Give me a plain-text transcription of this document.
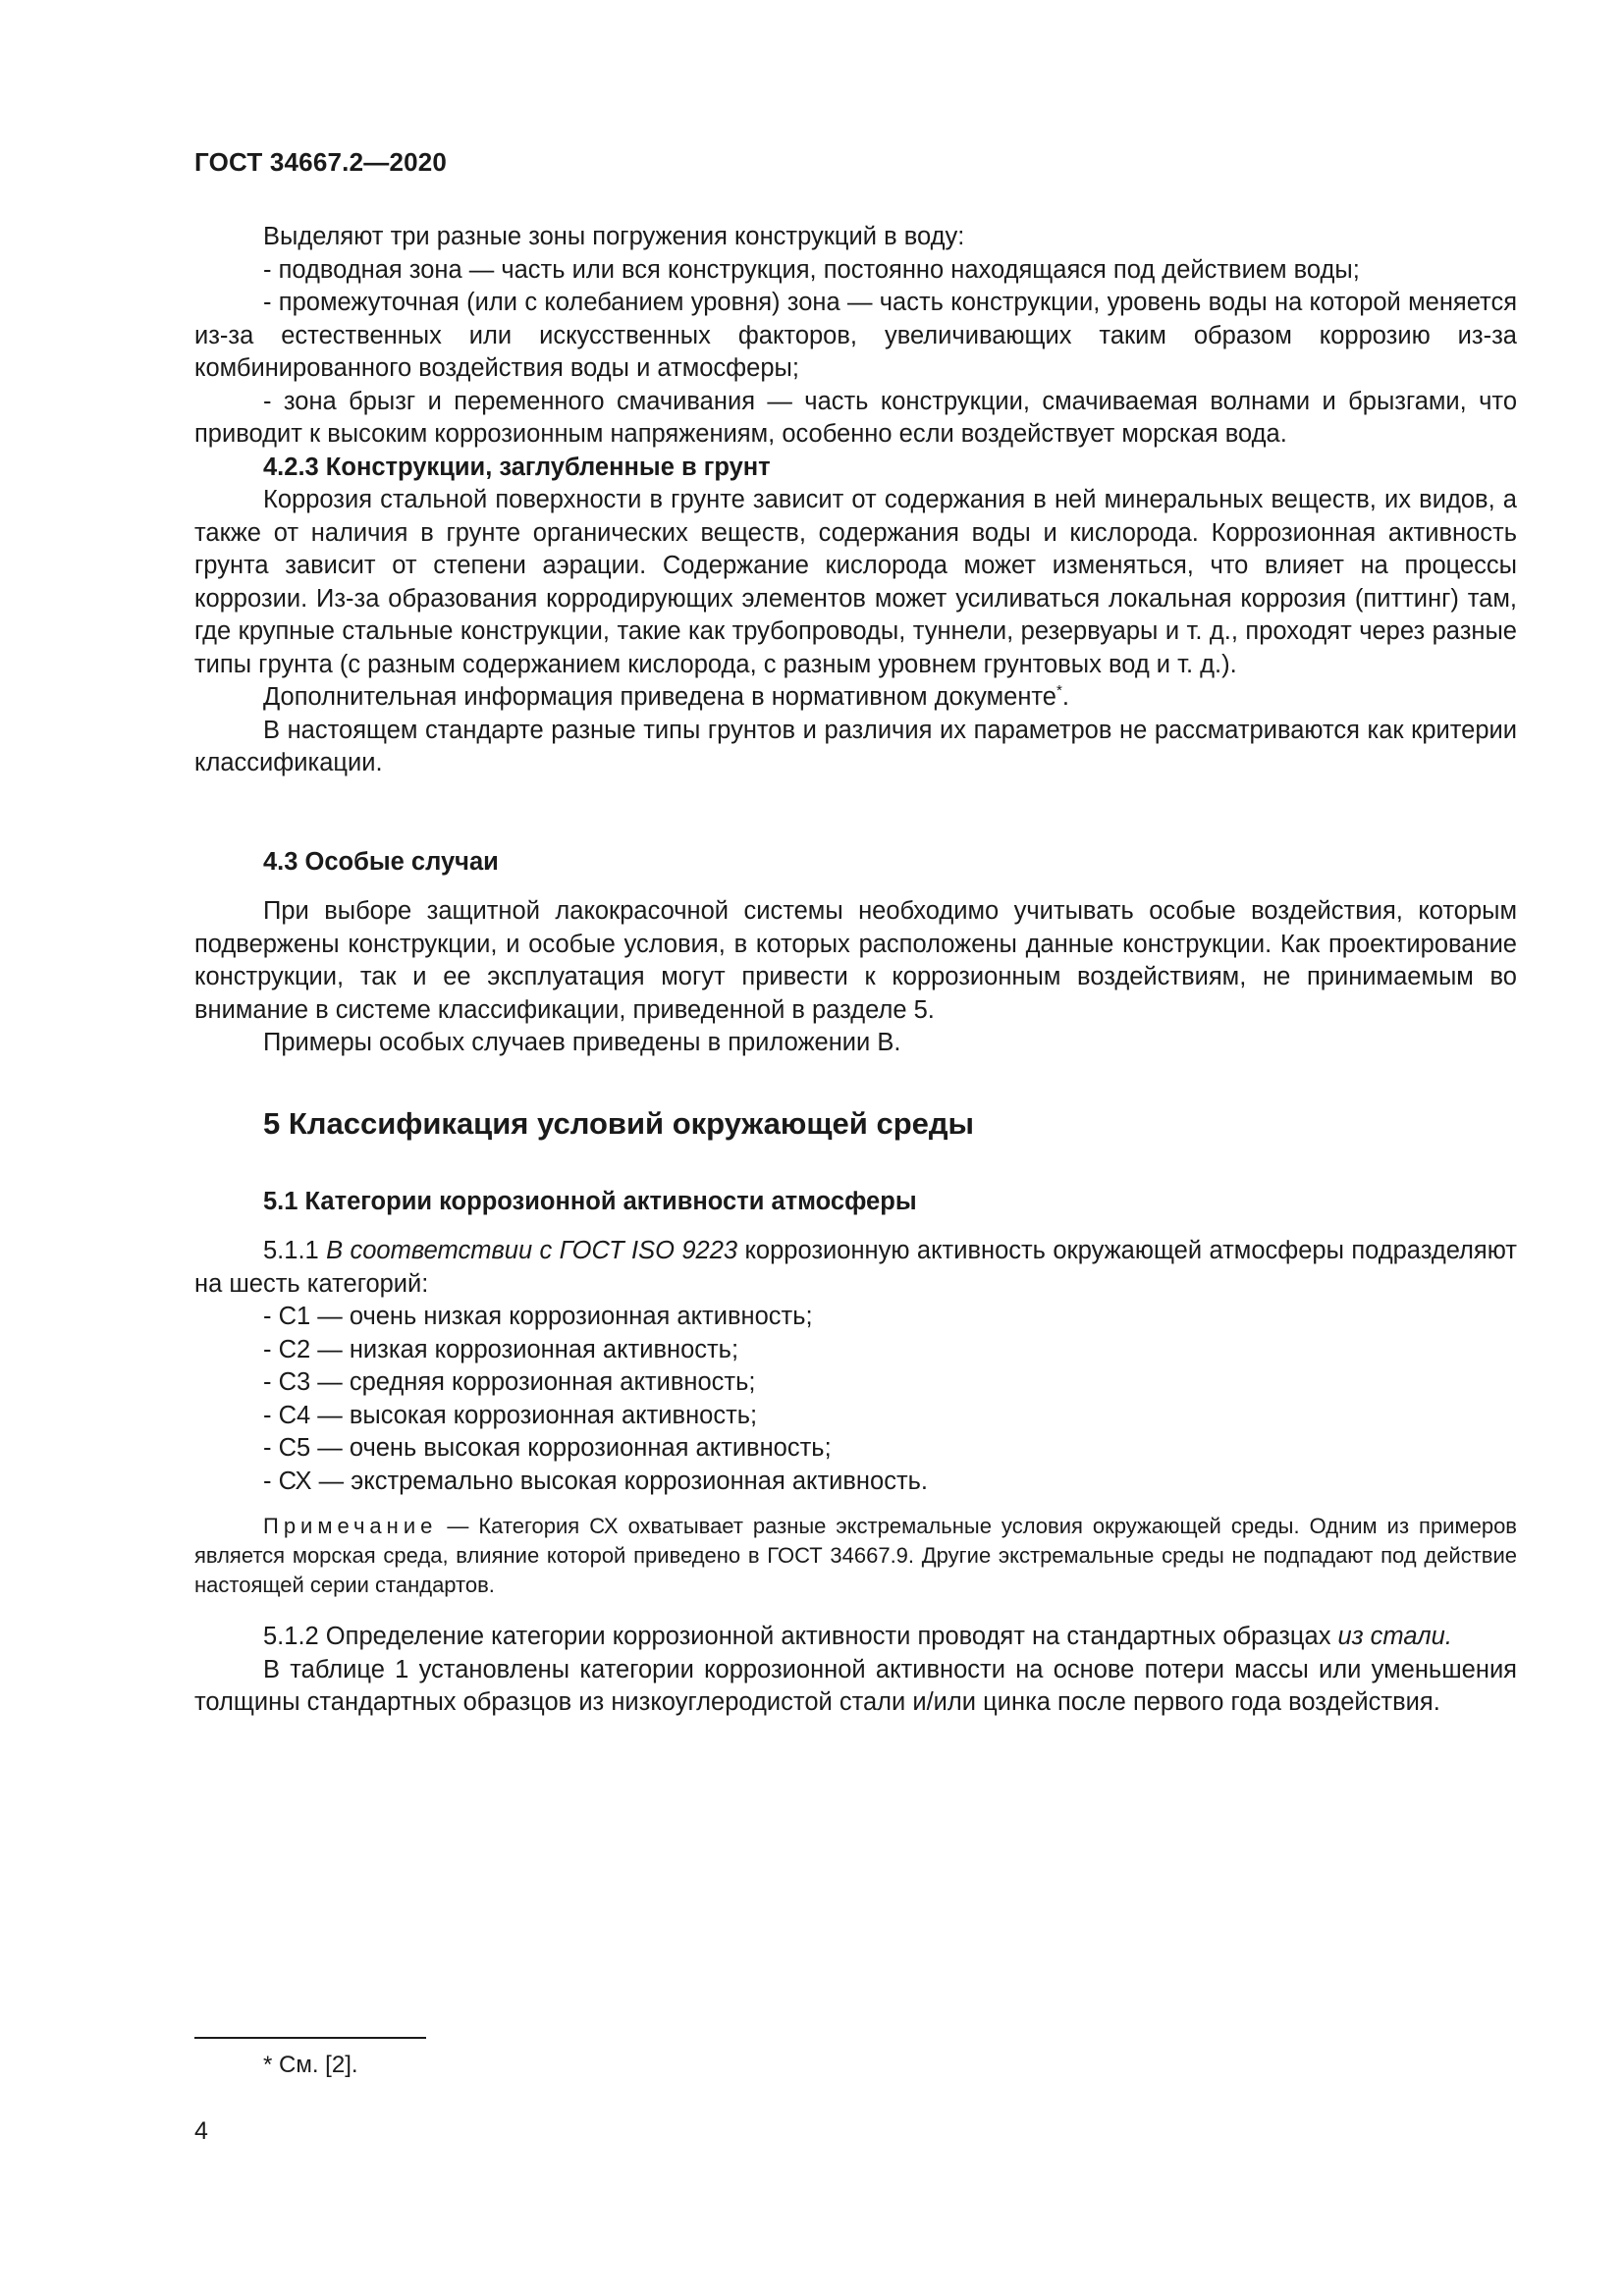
ГОСТ 34667.2—2020

Выделяют три разные зоны погружения конструкций в воду:

- подводная зона — часть или вся конструкция, постоянно находящаяся под действием воды;

- промежуточная (или с колебанием уровня) зона — часть конструкции, уровень воды на которой меняется из-за естественных или искусственных факторов, увеличивающих таким образом коррозию из-за комбинированного воздействия воды и атмосферы;

- зона брызг и переменного смачивания — часть конструкции, смачиваемая волнами и брызгами, что приводит к высоким коррозионным напряжениям, особенно если воздействует морская вода.

4.2.3 Конструкции, заглубленные в грунт

Коррозия стальной поверхности в грунте зависит от содержания в ней минеральных веществ, их видов, а также от наличия в грунте органических веществ, содержания воды и кислорода. Коррозионная активность грунта зависит от степени аэрации. Содержание кислорода может изменяться, что влияет на процессы коррозии. Из-за образования корродирующих элементов может усиливаться локальная коррозия (питтинг) там, где крупные стальные конструкции, такие как трубопроводы, туннели, резервуары и т. д., проходят через разные типы грунта (с разным содержанием кислорода, с разным уровнем грунтовых вод и т. д.).

Дополнительная информация приведена в нормативном документе*.

В настоящем стандарте разные типы грунтов и различия их параметров не рассматриваются как критерии классификации.

4.3 Особые случаи

При выборе защитной лакокрасочной системы необходимо учитывать особые воздействия, которым подвержены конструкции, и особые условия, в которых расположены данные конструкции. Как проектирование конструкции, так и ее эксплуатация могут привести к коррозионным воздействиям, не принимаемым во внимание в системе классификации, приведенной в разделе 5.

Примеры особых случаев приведены в приложении В.

5 Классификация условий окружающей среды
5.1 Категории коррозионной активности атмосферы

5.1.1 В соответствии с ГОСТ ISO 9223 коррозионную активность окружающей атмосферы подразделяют на шесть категорий:

- С1 — очень низкая коррозионная активность;

- С2 — низкая коррозионная активность;

- С3 — средняя коррозионная активность;

- С4 — высокая коррозионная активность;

- С5 — очень высокая коррозионная активность;

- СХ — экстремально высокая коррозионная активность.

Примечание — Категория СХ охватывает разные экстремальные условия окружающей среды. Одним из примеров является морская среда, влияние которой приведено в ГОСТ 34667.9. Другие экстремальные среды не подпадают под действие настоящей серии стандартов.

5.1.2 Определение категории коррозионной активности проводят на стандартных образцах из стали.

В таблице 1 установлены категории коррозионной активности на основе потери массы или уменьшения толщины стандартных образцов из низкоуглеродистой стали и/или цинка после первого года воздействия.

* См. [2].
4
